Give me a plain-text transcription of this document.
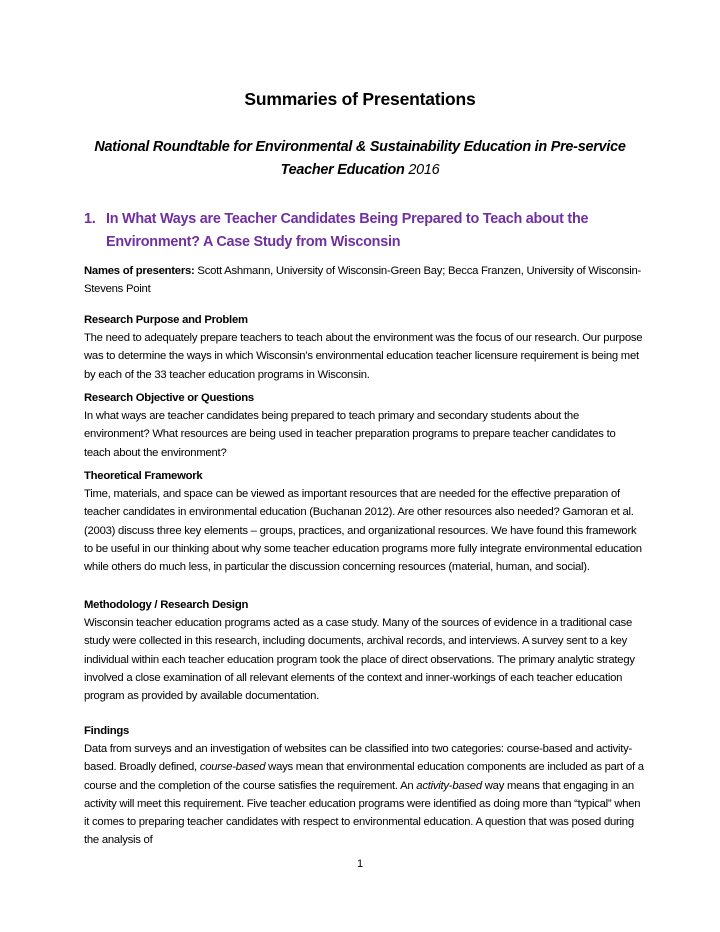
Summaries of Presentations
National Roundtable for Environmental & Sustainability Education in Pre-service Teacher Education 2016
1. In What Ways are Teacher Candidates Being Prepared to Teach about the
Environment? A Case Study from Wisconsin
Names of presenters: Scott Ashmann, University of Wisconsin-Green Bay; Becca Franzen, University of Wisconsin-Stevens Point
Research Purpose and Problem
The need to adequately prepare teachers to teach about the environment was the focus of our research. Our purpose was to determine the ways in which Wisconsin’s environmental education teacher licensure requirement is being met by each of the 33 teacher education programs in Wisconsin.
Research Objective or Questions
In what ways are teacher candidates being prepared to teach primary and secondary students about the environment? What resources are being used in teacher preparation programs to prepare teacher candidates to teach about the environment?
Theoretical Framework
Time, materials, and space can be viewed as important resources that are needed for the effective preparation of teacher candidates in environmental education (Buchanan 2012). Are other resources also needed? Gamoran et al. (2003) discuss three key elements – groups, practices, and organizational resources. We have found this framework to be useful in our thinking about why some teacher education programs more fully integrate environmental education while others do much less, in particular the discussion concerning resources (material, human, and social).
Methodology / Research Design
Wisconsin teacher education programs acted as a case study. Many of the sources of evidence in a traditional case study were collected in this research, including documents, archival records, and interviews. A survey sent to a key individual within each teacher education program took the place of direct observations. The primary analytic strategy involved a close examination of all relevant elements of the context and inner-workings of each teacher education program as provided by available documentation.
Findings
Data from surveys and an investigation of websites can be classified into two categories: course-based and activity-based. Broadly defined, course-based ways mean that environmental education components are included as part of a course and the completion of the course satisfies the requirement. An activity-based way means that engaging in an activity will meet this requirement. Five teacher education programs were identified as doing more than “typical” when it comes to preparing teacher candidates with respect to environmental education. A question that was posed during the analysis of
1
